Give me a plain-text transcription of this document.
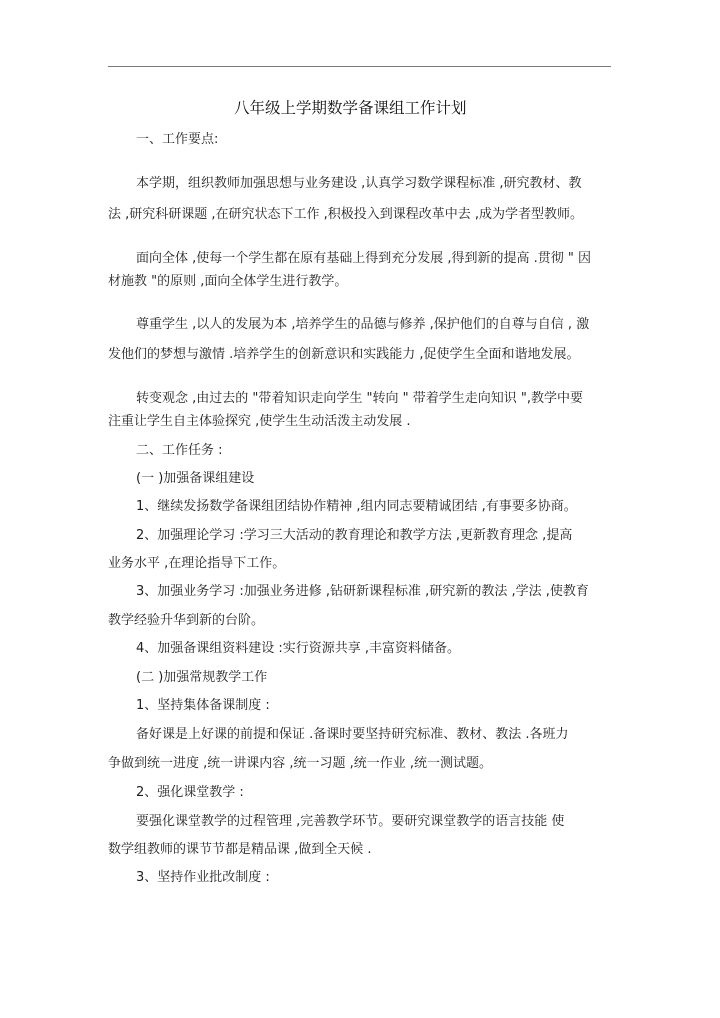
八年级上学期数学备课组工作计划
一、工作要点:
本学期，组织教师加强思想与业务建设 ,认真学习数学课程标准 ,研究教材、教
法 ,研究科研课题 ,在研究状态下工作 ,积极投入到课程改革中去 ,成为学者型教师。
面向全体 ,使每一个学生都在原有基础上得到充分发展 ,得到新的提高 .贯彻 " 因
材施教 "的原则 ,面向全体学生进行教学。
尊重学生 ,以人的发展为本 ,培养学生的品德与修养 ,保护他们的自尊与自信 , 激
发他们的梦想与激情 .培养学生的创新意识和实践能力 ,促使学生全面和谐地发展。
转变观念 ,由过去的 "带着知识走向学生 "转向 " 带着学生走向知识 ",教学中要
注重让学生自主体验探究 ,使学生生动活泼主动发展 .
二、工作任务 :
(一 )加强备课组建设
1、继续发扬数学备课组团结协作精神 ,组内同志要精诚团结 ,有事要多协商。
2、加强理论学习 :学习三大活动的教育理论和教学方法 ,更新教育理念 ,提高
业务水平 ,在理论指导下工作。
3、加强业务学习 :加强业务进修 ,钻研新课程标准 ,研究新的教法 ,学法 ,使教育
教学经验升华到新的台阶。
4、加强备课组资料建设 :实行资源共享 ,丰富资料储备。
(二 )加强常规教学工作
1、坚持集体备课制度 :
备好课是上好课的前提和保证 .备课时要坚持研究标准、教材、教法 .各班力
争做到统一进度 ,统一讲课内容 ,统一习题 ,统一作业 ,统一测试题。
2、强化课堂教学 :
要强化课堂教学的过程管理 ,完善教学环节。要研究课堂教学的语言技能 使
数学组教师的课节节都是精品课 ,做到全天候 .
3、坚持作业批改制度 :
